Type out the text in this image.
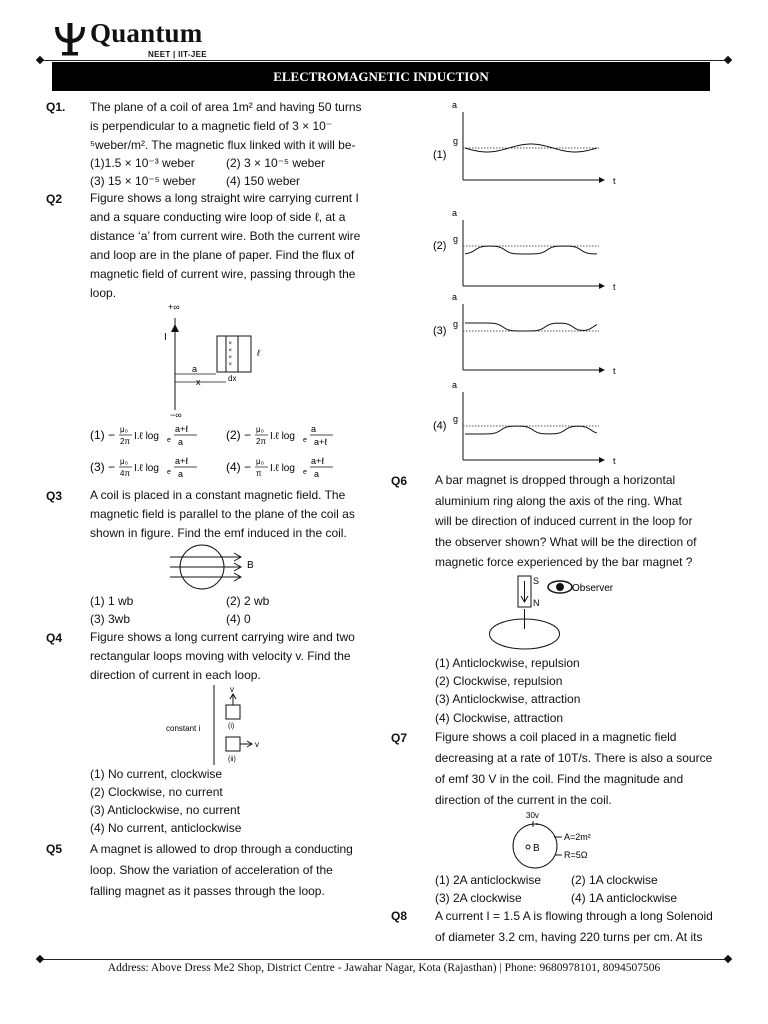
Quantum
NEET | IIT-JEE
ELECTROMAGNETIC INDUCTION
Q1. The plane of a coil of area 1m² and having 50 turns
is perpendicular to a magnetic field of 3 × 10⁻
⁵weber/m². The magnetic flux linked with it will be-
(1)1.5 × 10⁻³ weber	(2) 3 × 10⁻⁵ weber
(3) 15 × 10⁻⁵ weber	(4) 150 weber
Q2 Figure shows a long straight wire carrying current I
and a square conducting wire loop of side ℓ, at a
distance ‘a’ from current wire. Both the current wire
and loop are in the plane of paper. Find the flux of
magnetic field of current wire, passing through the
loop.
+∞
I
−∞
×
×
×
×
ℓ
a
x	dx
(1) − μ₀
2π I.ℓ log e
a+ℓ
a	(2) − μ₀
2π I.ℓ log e
a
a+ℓ
(3) − μ₀
4π I.ℓ log e
a+ℓ
a	(4) − μ₀
π I.ℓ log e
a+ℓ
a
Q3 A coil is placed in a constant magnetic field. The
magnetic field is parallel to the plane of the coil as
shown in figure. Find the emf induced in the coil.
B
(1) 1 wb	(2) 2 wb
(3) 3wb	(4) 0
Q4 Figure shows a long current carrying wire and two
rectangular loops moving with velocity v. Find the
direction of current in each loop.
constant i
v
(i)
v
(ii)
(1) No current, clockwise
(2) Clockwise, no current
(3) Anticlockwise, no current
(4) No current, anticlockwise
Q5 A magnet is allowed to drop through a conducting
loop. Show the variation of acceleration of the
falling magnet as it passes through the loop.
a
t
g
(1)
a
t
g
(2)
a
t
g
(3)
a
t
g
(4)
Q6 A bar magnet is dropped through a horizontal
aluminium ring along the axis of the ring. What
will be direction of induced current in the loop for
the observer shown? What will be the direction of
magnetic force experienced by the bar magnet ?
S
N
Observer
(1) Anticlockwise, repulsion
(2) Clockwise, repulsion
(3) Anticlockwise, attraction
(4) Clockwise, attraction
Q7 Figure shows a coil placed in a magnetic field
decreasing at a rate of 10T/s. There is also a source
of emf 30 V in the coil. Find the magnitude and
direction of the current in the coil.
30v
B
A=2m²
R=5Ω
(1) 2A anticlockwise (2) 1A clockwise
(3) 2A clockwise	(4) 1A anticlockwise
Q8 A current I = 1.5 A is flowing through a long Solenoid
of diameter 3.2 cm, having 220 turns per cm. At its
Address: Above Dress Me2 Shop, District Centre - Jawahar Nagar, Kota (Rajasthan) | Phone: 9680978101, 8094507506
